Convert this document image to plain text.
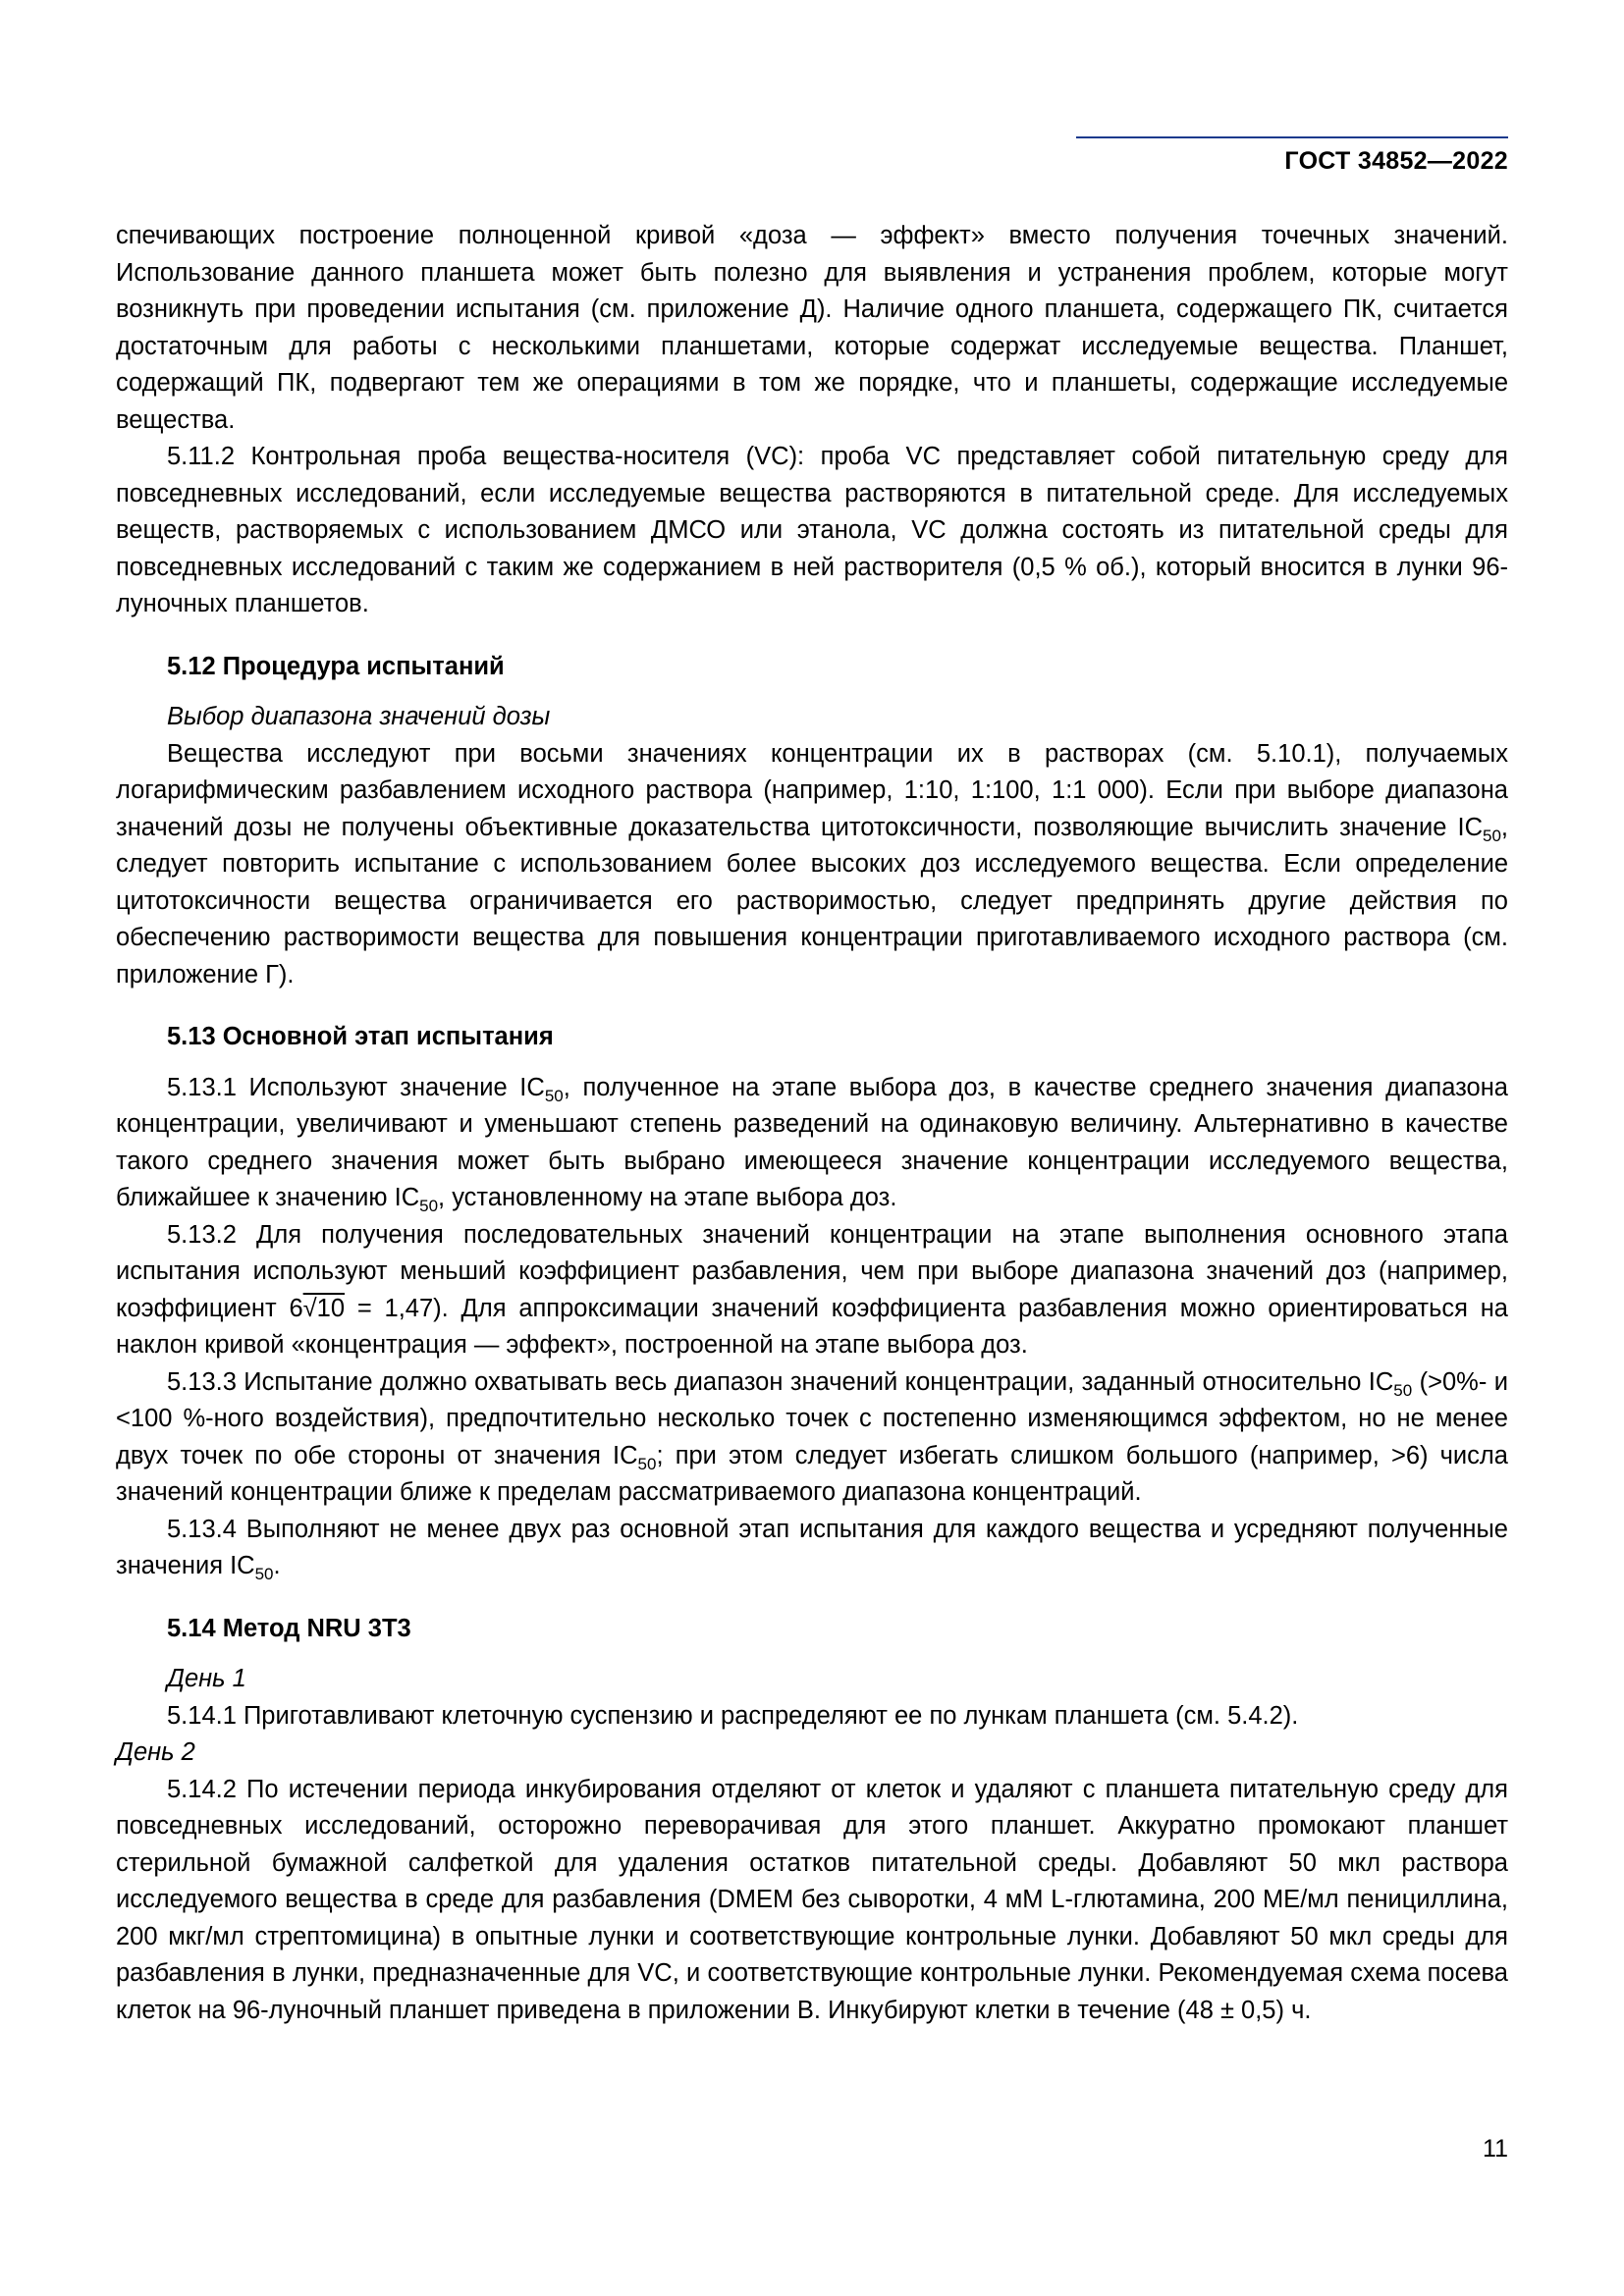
ГОСТ 34852—2022

спечивающих построение полноценной кривой «доза — эффект» вместо получения точечных значений. Использование данного планшета может быть полезно для выявления и устранения проблем, которые могут возникнуть при проведении испытания (см. приложение Д). Наличие одного планшета, содержащего ПК, считается достаточным для работы с несколькими планшетами, которые содержат исследуемые вещества. Планшет, содержащий ПК, подвергают тем же операциями в том же порядке, что и планшеты, содержащие исследуемые вещества.

5.11.2 Контрольная проба вещества-носителя (VC): проба VC представляет собой питательную среду для повседневных исследований, если исследуемые вещества растворяются в питательной среде. Для исследуемых веществ, растворяемых с использованием ДМСО или этанола, VC должна состоять из питательной среды для повседневных исследований с таким же содержанием в ней растворителя (0,5 % об.), который вносится в лунки 96-луночных планшетов.

5.12 Процедура испытаний
Выбор диапазона значений дозы

Вещества исследуют при восьми значениях концентрации их в растворах (см. 5.10.1), получаемых логарифмическим разбавлением исходного раствора (например, 1:10, 1:100, 1:1 000). Если при выборе диапазона значений дозы не получены объективные доказательства цитотоксичности, позволяющие вычислить значение $IC_{50}$, следует повторить испытание с использованием более высоких доз исследуемого вещества. Если определение цитотоксичности вещества ограничивается его растворимостью, следует предпринять другие действия по обеспечению растворимости вещества для повышения концентрации приготавливаемого исходного раствора (см. приложение Г).

5.13 Основной этап испытания

5.13.1 Используют значение $IC_{50}$, полученное на этапе выбора доз, в качестве среднего значения диапазона концентрации, увеличивают и уменьшают степень разведений на одинаковую величину. Альтернативно в качестве такого среднего значения может быть выбрано имеющееся значение концентрации исследуемого вещества, ближайшее к значению $IC_{50}$, установленному на этапе выбора доз.

5.13.2 Для получения последовательных значений концентрации на этапе выполнения основного этапа испытания используют меньший коэффициент разбавления, чем при выборе диапазона значений доз (например, коэффициент 6√10 = 1,47). Для аппроксимации значений коэффициента разбавления можно ориентироваться на наклон кривой «концентрация — эффект», построенной на этапе выбора доз.

5.13.3 Испытание должно охватывать весь диапазон значений концентрации, заданный относительно $IC_{50}$ (>0%- и <100 %-ного воздействия), предпочтительно несколько точек с постепенно изменяющимся эффектом, но не менее двух точек по обе стороны от значения $IC_{50}$; при этом следует избегать слишком большого (например, >6) числа значений концентрации ближе к пределам рассматриваемого диапазона концентраций.

5.13.4 Выполняют не менее двух раз основной этап испытания для каждого вещества и усредняют полученные значения $IC_{50}$.

5.14 Метод NRU 3T3
День 1

5.14.1 Приготавливают клеточную суспензию и распределяют ее по лункам планшета (см. 5.4.2).

День 2

5.14.2 По истечении периода инкубирования отделяют от клеток и удаляют с планшета питательную среду для повседневных исследований, осторожно переворачивая для этого планшет. Аккуратно промокают планшет стерильной бумажной салфеткой для удаления остатков питательной среды. Добавляют 50 мкл раствора исследуемого вещества в среде для разбавления (DMEM без сыворотки, 4 мМ L-глютамина, 200 МЕ/мл пенициллина, 200 мкг/мл стрептомицина) в опытные лунки и соответствующие контрольные лунки. Добавляют 50 мкл среды для разбавления в лунки, предназначенные для VC, и соответствующие контрольные лунки. Рекомендуемая схема посева клеток на 96-луночный планшет приведена в приложении В. Инкубируют клетки в течение (48 ± 0,5) ч.

11
